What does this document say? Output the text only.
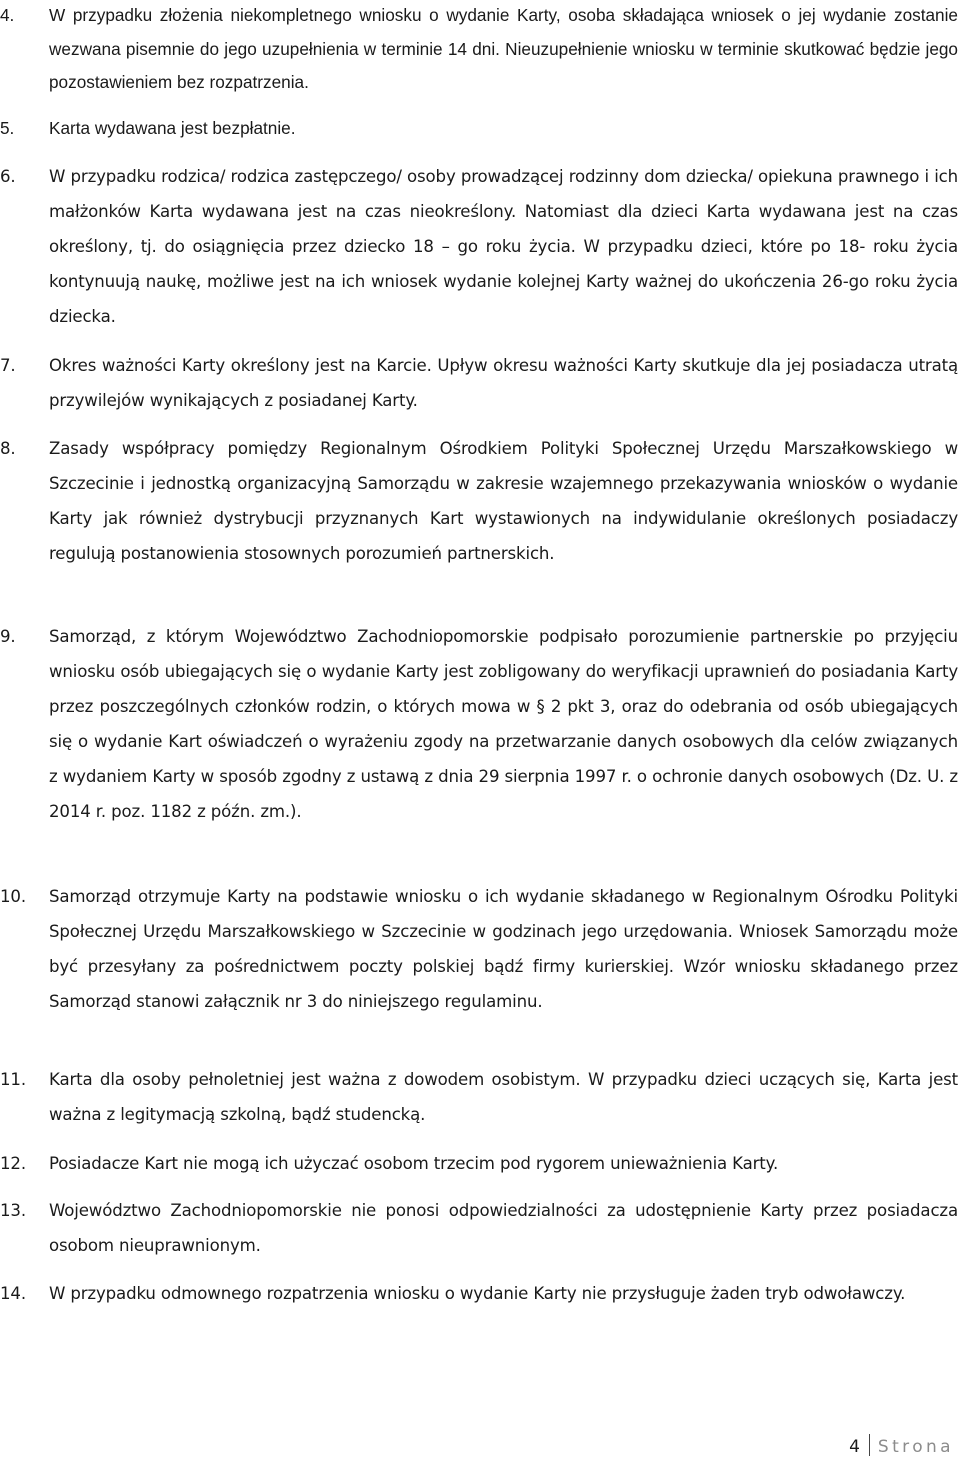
4.	W przypadku złożenia niekompletnego wniosku o wydanie Karty, osoba składająca wniosek o jej wydanie zostanie wezwana pisemnie do jego uzupełnienia w terminie 14 dni. Nieuzupełnienie wniosku w terminie skutkować będzie jego pozostawieniem bez rozpatrzenia.
5.	Karta wydawana jest bezpłatnie.
6.	W przypadku rodzica/ rodzica zastępczego/ osoby prowadzącej rodzinny dom dziecka/ opiekuna prawnego i ich małżonków Karta wydawana jest na czas nieokreślony. Natomiast dla dzieci Karta wydawana jest na czas określony, tj. do osiągnięcia przez dziecko 18 – go roku życia. W przypadku dzieci, które po 18- roku życia kontynuują naukę, możliwe jest na ich wniosek wydanie kolejnej Karty ważnej do ukończenia 26-go roku życia dziecka.
7.	Okres ważności Karty określony jest na Karcie. Upływ okresu ważności Karty skutkuje dla jej posiadacza utratą przywilejów wynikających z posiadanej Karty.
8.	Zasady współpracy pomiędzy Regionalnym Ośrodkiem Polityki Społecznej Urzędu Marszałkowskiego w Szczecinie i jednostką organizacyjną Samorządu w zakresie wzajemnego przekazywania wniosków o wydanie Karty jak również dystrybucji przyznanych Kart wystawionych na indywidulanie określonych posiadaczy regulują postanowienia stosownych porozumień partnerskich.
9.	Samorząd, z którym Województwo Zachodniopomorskie podpisało porozumienie partnerskie po przyjęciu wniosku osób ubiegających się o wydanie Karty jest zobligowany do weryfikacji uprawnień do posiadania Karty przez poszczególnych członków rodzin, o których mowa w § 2 pkt 3, oraz do odebrania od osób ubiegających się o wydanie Kart oświadczeń o wyrażeniu zgody na przetwarzanie danych osobowych dla celów związanych z wydaniem Karty w sposób zgodny z ustawą z dnia 29 sierpnia 1997 r. o ochronie danych osobowych (Dz. U. z 2014 r. poz. 1182 z późn. zm.).
10.	Samorząd otrzymuje Karty na podstawie wniosku o ich wydanie składanego w Regionalnym Ośrodku Polityki Społecznej Urzędu Marszałkowskiego w Szczecinie w godzinach jego urzędowania. Wniosek Samorządu może być przesyłany za pośrednictwem poczty polskiej bądź firmy kurierskiej. Wzór wniosku składanego przez Samorząd stanowi załącznik nr 3 do niniejszego regulaminu.
11.	Karta dla osoby pełnoletniej jest ważna z dowodem osobistym. W przypadku dzieci uczących się, Karta jest ważna z legitymacją szkolną, bądź studencką.
12.	Posiadacze Kart nie mogą ich użyczać osobom trzecim pod rygorem unieważnienia Karty.
13.	Województwo Zachodniopomorskie nie ponosi odpowiedzialności za udostępnienie Karty przez posiadacza osobom nieuprawnionym.
14.	W przypadku odmownego rozpatrzenia wniosku o wydanie Karty nie przysługuje żaden tryb odwoławczy.
4 Strona
